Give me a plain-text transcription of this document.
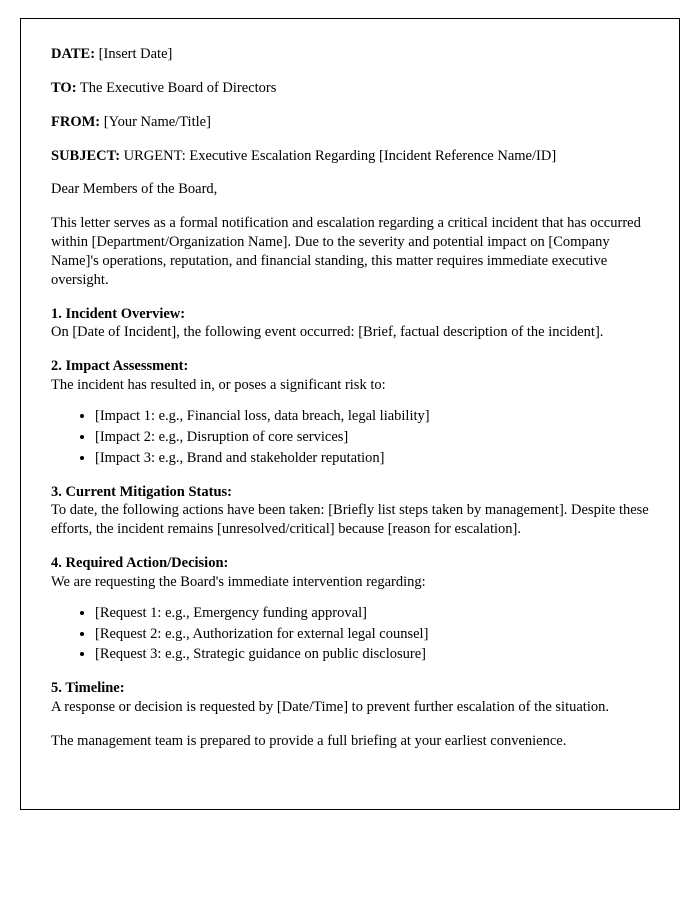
DATE: [Insert Date]

TO: The Executive Board of Directors

FROM: [Your Name/Title]

SUBJECT: URGENT: Executive Escalation Regarding [Incident Reference Name/ID]

Dear Members of the Board,

This letter serves as a formal notification and escalation regarding a critical incident that has occurred within [Department/Organization Name]. Due to the severity and potential impact on [Company Name]'s operations, reputation, and financial standing, this matter requires immediate executive oversight.

1. Incident Overview:
On [Date of Incident], the following event occurred: [Brief, factual description of the incident].
2. Impact Assessment:
The incident has resulted in, or poses a significant risk to:
• [Impact 1: e.g., Financial loss, data breach, legal liability]
• [Impact 2: e.g., Disruption of core services]
• [Impact 3: e.g., Brand and stakeholder reputation]
3. Current Mitigation Status:
To date, the following actions have been taken: [Briefly list steps taken by management]. Despite these efforts, the incident remains [unresolved/critical] because [reason for escalation].
4. Required Action/Decision:
We are requesting the Board's immediate intervention regarding:
• [Request 1: e.g., Emergency funding approval]
• [Request 2: e.g., Authorization for external legal counsel]
• [Request 3: e.g., Strategic guidance on public disclosure]
5. Timeline:
A response or decision is requested by [Date/Time] to prevent further escalation of the situation.

The management team is prepared to provide a full briefing at your earliest convenience.
